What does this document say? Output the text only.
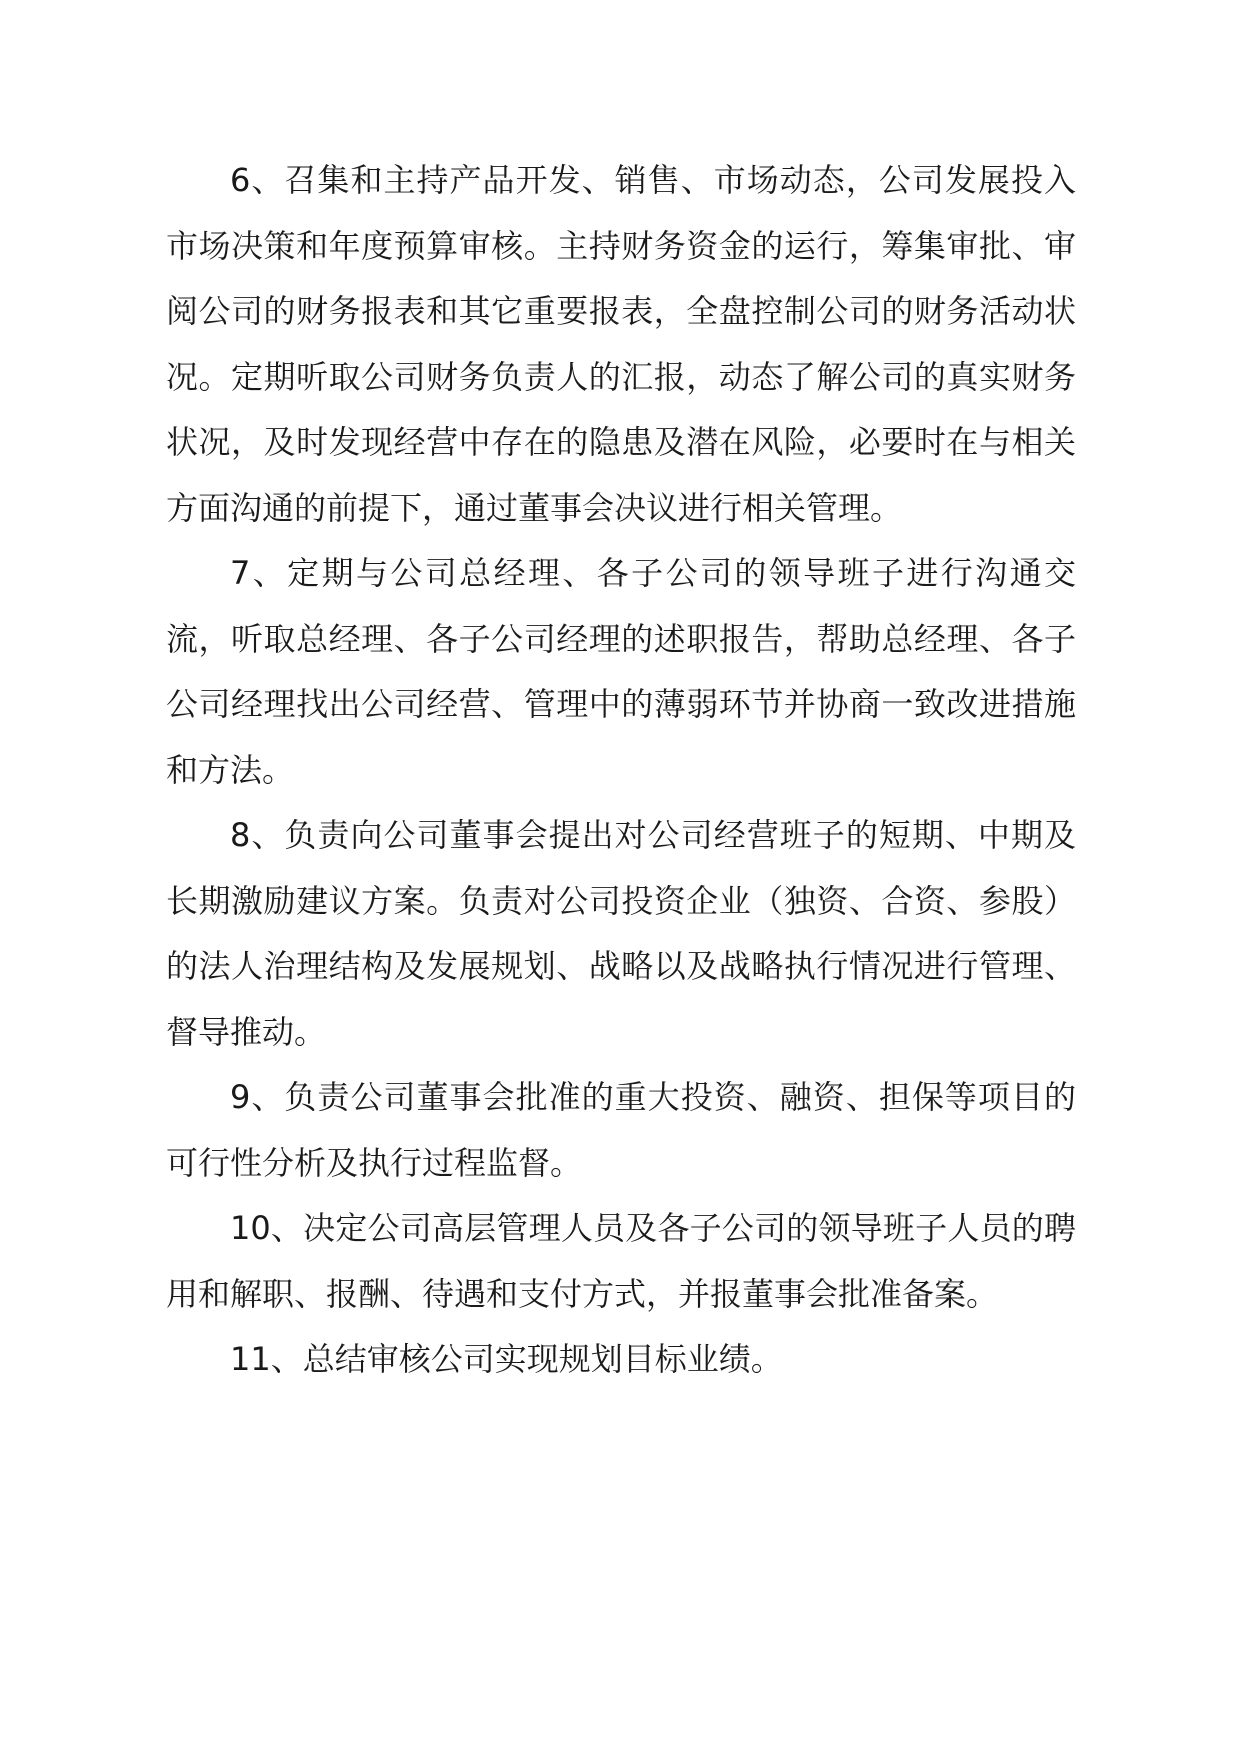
6、召集和主持产品开发、销售、市场动态，公司发展投入市场决策和年度预算审核。主持财务资金的运行，筹集审批、审阅公司的财务报表和其它重要报表，全盘控制公司的财务活动状况。定期听取公司财务负责人的汇报，动态了解公司的真实财务状况，及时发现经营中存在的隐患及潜在风险，必要时在与相关方面沟通的前提下，通过董事会决议进行相关管理。

7、定期与公司总经理、各子公司的领导班子进行沟通交流，听取总经理、各子公司经理的述职报告，帮助总经理、各子公司经理找出公司经营、管理中的薄弱环节并协商一致改进措施和方法。

8、负责向公司董事会提出对公司经营班子的短期、中期及长期激励建议方案。负责对公司投资企业（独资、合资、参股）的法人治理结构及发展规划、战略以及战略执行情况进行管理、督导推动。

9、负责公司董事会批准的重大投资、融资、担保等项目的可行性分析及执行过程监督。

10、决定公司高层管理人员及各子公司的领导班子人员的聘用和解职、报酬、待遇和支付方式，并报董事会批准备案。

11、总结审核公司实现规划目标业绩。
